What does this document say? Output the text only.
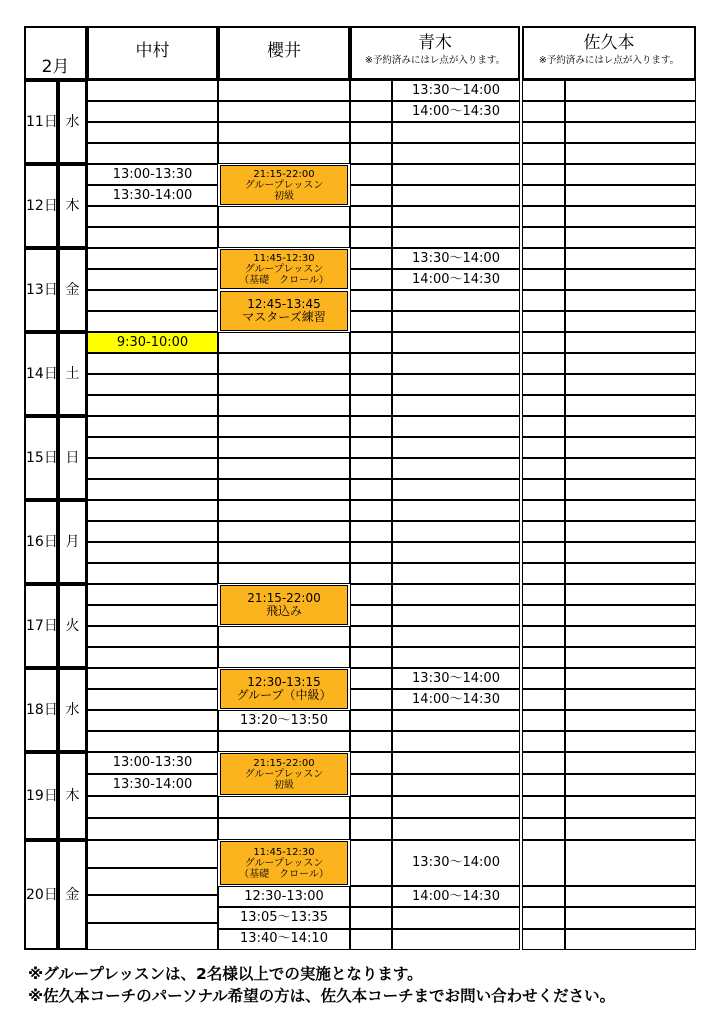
2月
中村	櫻井	青木
※予約済みにはレ点が入ります。
佐久本
※予約済みにはレ点が入ります。
11日 水
13:30〜14:00
14:00〜14:30
12日 木
13:00-13:30
13:30-14:00
21:15-22:00
グループレッスン
初級
13日 金
11:45-12:30
グループレッスン
（基礎　クロール）
12:45-13:45
マスターズ練習
13:30〜14:00
14:00〜14:30
14日 土
9:30-10:00
15日 日
16日 月
17日 火
21:15-22:00
飛込み
18日 水
12:30-13:15
グループ（中級）
13:20〜13:50
13:30〜14:00
14:00〜14:30
19日 木
13:00-13:30
13:30-14:00
21:15-22:00
グループレッスン
初級
20日 金
11:45-12:30
グループレッスン
（基礎　クロール）
12:30-13:00
13:05〜13:35
13:40〜14:10
13:30〜14:00
14:00〜14:30
※グループレッスンは、2名様以上での実施となります。
※佐久本コーチのパーソナル希望の方は、佐久本コーチまでお問い合わせください。
